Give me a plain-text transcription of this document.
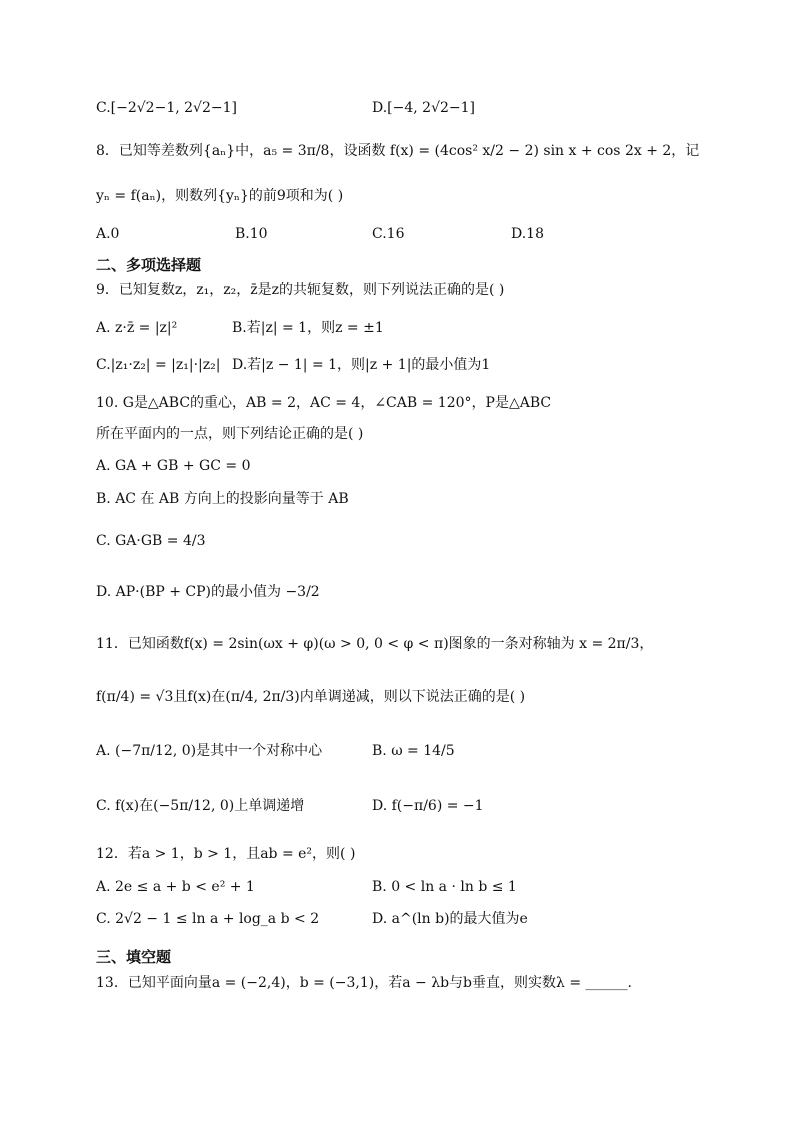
C.[−2√2−1, 2√2−1]	D.[−4, 2√2−1]
8．已知等差数列{aₙ}中，a₅ = 3π/8，设函数 f(x) = (4cos² x/2 − 2) sin x + cos 2x + 2，记
yₙ = f(aₙ)，则数列{yₙ}的前9项和为( )
A.0	B.10	C.16	D.18
二、多项选择题
9．已知复数z，z₁，z₂，z̄是z的共轭复数，则下列说法正确的是( )
A. z·z̄ = |z|²	B.若|z| = 1，则z = ±1
C.|z₁·z₂| = |z₁|·|z₂| D.若|z − 1| = 1，则|z + 1|的最小值为1
10. G是△ABC的重心，AB = 2，AC = 4，∠CAB = 120°，P是△ABC
所在平面内的一点，则下列结论正确的是( )
A. GA + GB + GC = 0
B. AC 在 AB 方向上的投影向量等于 AB
C. GA·GB = 4/3
D. AP·(BP + CP)的最小值为 −3/2
11．已知函数f(x) = 2sin(ωx + φ)(ω > 0, 0 < φ < π)图象的一条对称轴为 x = 2π/3，
f(π/4) = √3且f(x)在(π/4, 2π/3)内单调递减，则以下说法正确的是( )
A. (−7π/12, 0)是其中一个对称中心	B. ω = 14/5
C. f(x)在(−5π/12, 0)上单调递增	D. f(−π/6) = −1
12．若a > 1，b > 1，且ab = e²，则( )
A. 2e ≤ a + b < e² + 1	B. 0 < ln a · ln b ≤ 1
C. 2√2 − 1 ≤ ln a + log_a b < 2	D. a^(ln b)的最大值为e
三、填空题
13．已知平面向量a = (−2,4)，b = (−3,1)，若a − λb与b垂直，则实数λ = ______.
